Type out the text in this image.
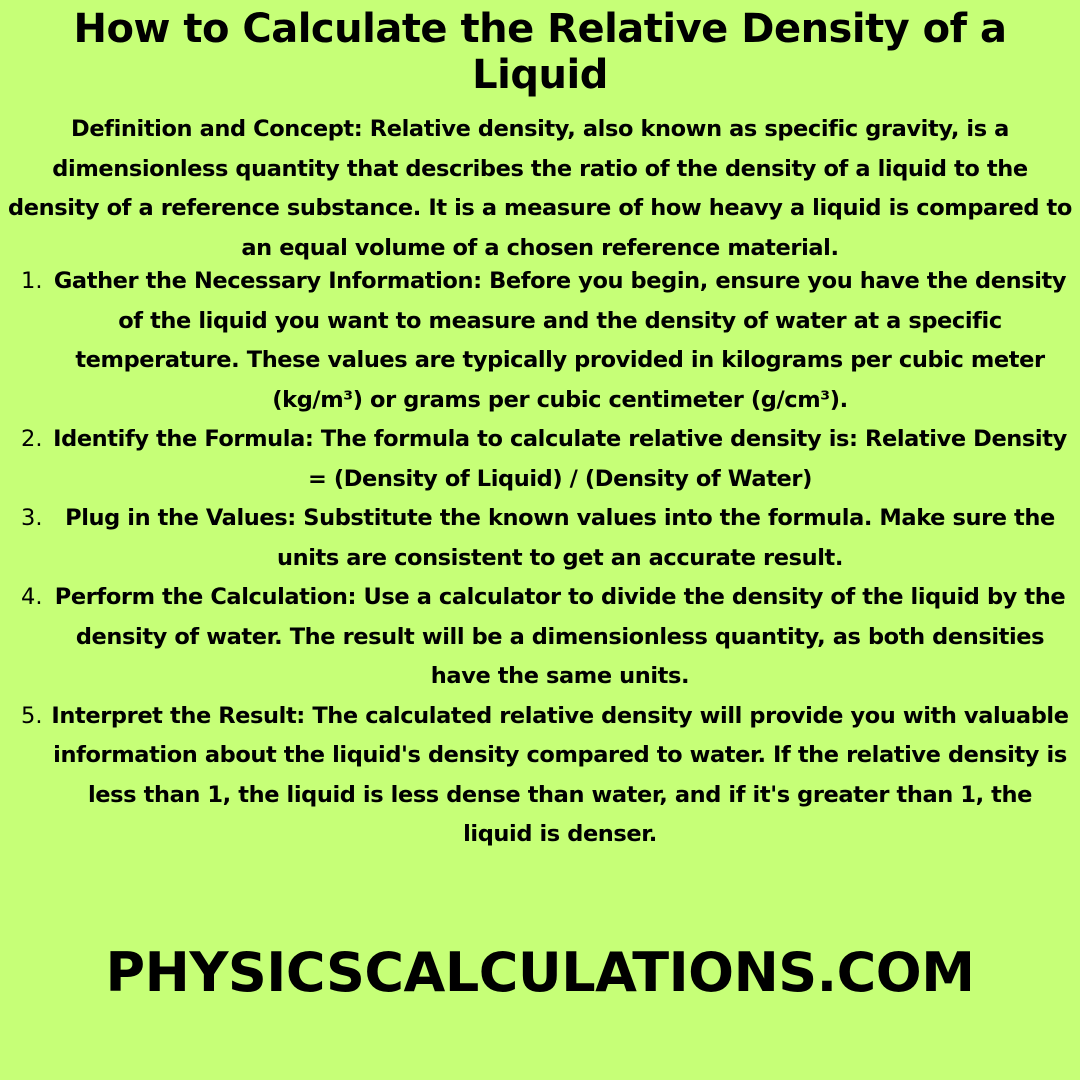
How to Calculate the Relative Density of a Liquid

Definition and Concept: Relative density, also known as specific gravity, is a dimensionless quantity that describes the ratio of the density of a liquid to the density of a reference substance. It is a measure of how heavy a liquid is compared to an equal volume of a chosen reference material.

1. Gather the Necessary Information: Before you begin, ensure you have the density of the liquid you want to measure and the density of water at a specific temperature. These values are typically provided in kilograms per cubic meter (kg/m³) or grams per cubic centimeter (g/cm³).
2. Identify the Formula: The formula to calculate relative density is: Relative Density = (Density of Liquid) / (Density of Water)
3.	Plug in the Values: Substitute the known values into the formula. Make sure the units are consistent to get an accurate result.
4. Perform the Calculation: Use a calculator to divide the density of the liquid by the density of water. The result will be a dimensionless quantity, as both densities have the same units.
5. Interpret the Result: The calculated relative density will provide you with valuable information about the liquid's density compared to water. If the relative density is less than 1, the liquid is less dense than water, and if it's greater than 1, the liquid is denser.
PHYSICSCALCULATIONS.COM
